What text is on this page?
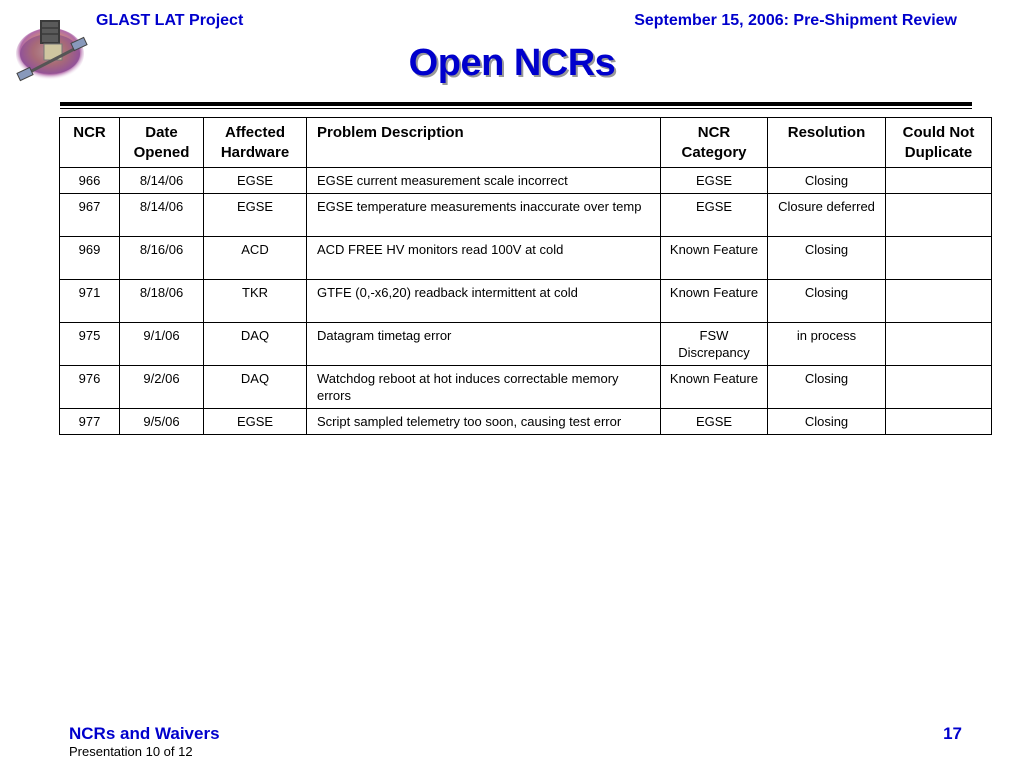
GLAST LAT Project	September 15, 2006: Pre-Shipment Review
Open NCRs
NCR	Date Opened	Affected Hardware	Problem Description	NCR Category	Resolution	Could Not Duplicate
966	8/14/06	EGSE	EGSE current measurement scale incorrect	EGSE	Closing	
967	8/14/06	EGSE	EGSE temperature measurements inaccurate over temp	EGSE	Closure deferred	
969	8/16/06	ACD	ACD FREE HV monitors read 100V at cold	Known Feature	Closing	
971	8/18/06	TKR	GTFE (0,-x6,20) readback intermittent at cold	Known Feature	Closing	
975	9/1/06	DAQ	Datagram timetag error	FSW Discrepancy	in process	
976	9/2/06	DAQ	Watchdog reboot at hot induces correctable memory errors	Known Feature	Closing	
977	9/5/06	EGSE	Script sampled telemetry too soon, causing test error	EGSE	Closing	
NCRs and Waivers
Presentation 10 of 12
17
